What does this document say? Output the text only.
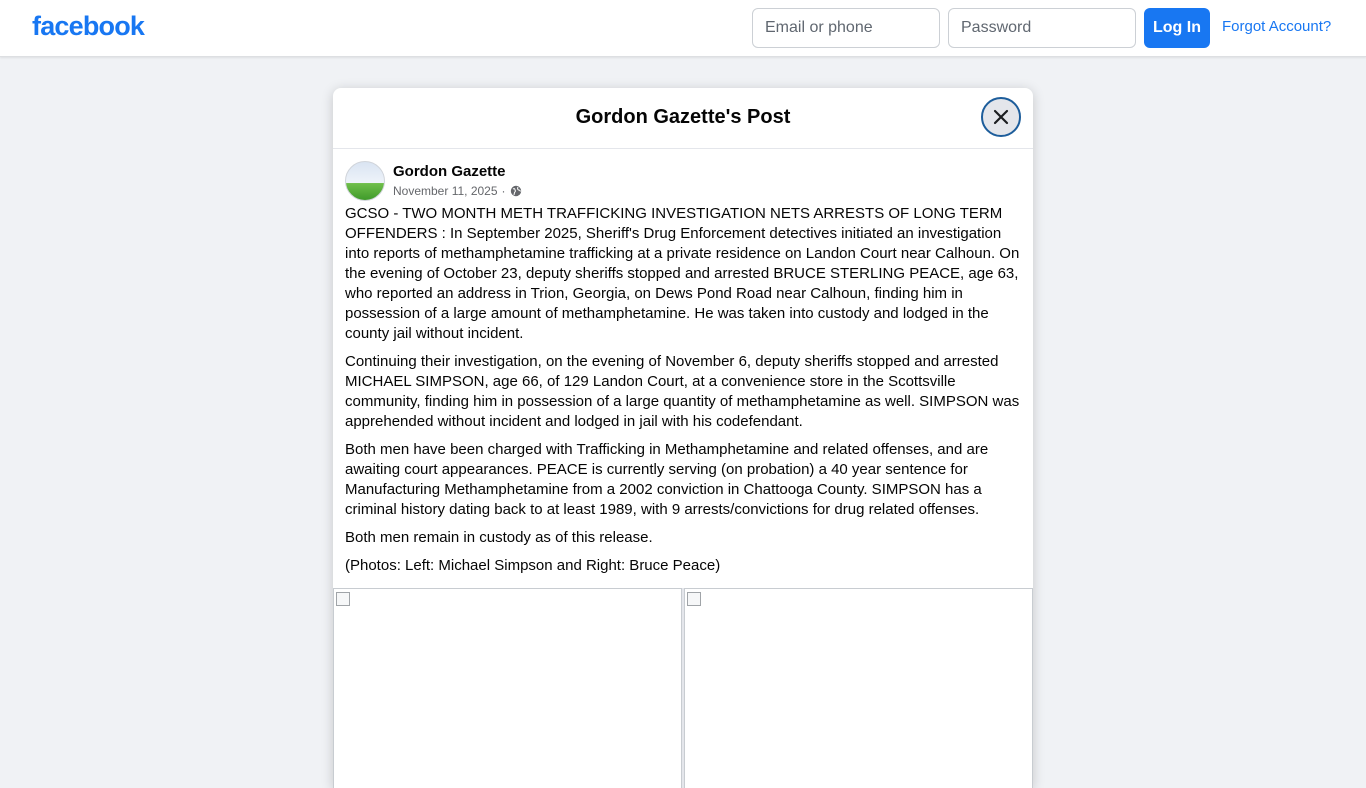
facebook
Email or phone	Log In	Forgot Account?
Gordon Gazette's Post
Gordon Gazette
November 11, 2025 ·

GCSO - TWO MONTH METH TRAFFICKING INVESTIGATION NETS ARRESTS OF LONG TERM OFFENDERS : In September 2025, Sheriff's Drug Enforcement detectives initiated an investigation into reports of methamphetamine trafficking at a private residence on Landon Court near Calhoun. On the evening of October 23, deputy sheriffs stopped and arrested BRUCE STERLING PEACE, age 63, who reported an address in Trion, Georgia, on Dews Pond Road near Calhoun, finding him in possession of a large amount of methamphetamine. He was taken into custody and lodged in the county jail without incident.

Continuing their investigation, on the evening of November 6, deputy sheriffs stopped and arrested MICHAEL SIMPSON, age 66, of 129 Landon Court, at a convenience store in the Scottsville community, finding him in possession of a large quantity of methamphetamine as well. SIMPSON was apprehended without incident and lodged in jail with his codefendant.

Both men have been charged with Trafficking in Methamphetamine and related offenses, and are awaiting court appearances. PEACE is currently serving (on probation) a 40 year sentence for Manufacturing Methamphetamine from a 2002 conviction in Chattooga County. SIMPSON has a criminal history dating back to at least 1989, with 9 arrests/convictions for drug related offenses.

Both men remain in custody as of this release.

(Photos: Left: Michael Simpson and Right: Bruce Peace)
